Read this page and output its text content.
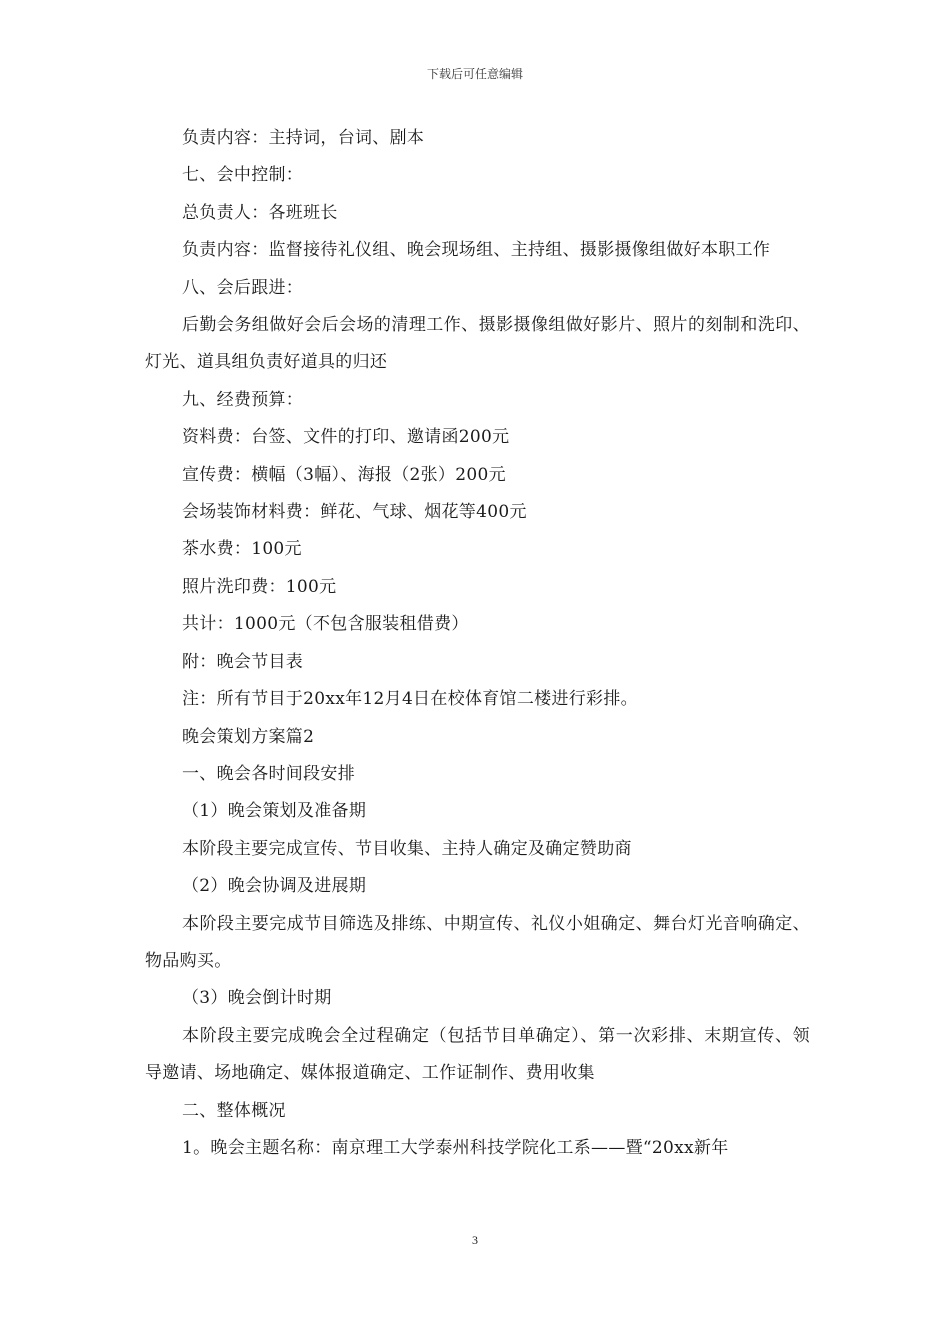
下载后可任意编辑

负责内容：主持词，台词、剧本

七、会中控制：

总负责人：各班班长

负责内容：监督接待礼仪组、晚会现场组、主持组、摄影摄像组做好本职工作

八、会后跟进：

后勤会务组做好会后会场的清理工作、摄影摄像组做好影片、照片的刻制和洗印、灯光、道具组负责好道具的归还

九、经费预算：

资料费：台签、文件的打印、邀请函200元

宣传费：横幅（3幅）、海报（2张）200元

会场装饰材料费：鲜花、气球、烟花等400元

茶水费：100元

照片洗印费：100元

共计：1000元（不包含服装租借费）

附：晚会节目表

注：所有节目于20xx年12月4日在校体育馆二楼进行彩排。

晚会策划方案篇2

一、晚会各时间段安排

（1）晚会策划及准备期

本阶段主要完成宣传、节目收集、主持人确定及确定赞助商

（2）晚会协调及进展期

本阶段主要完成节目筛选及排练、中期宣传、礼仪小姐确定、舞台灯光音响确定、物品购买。

（3）晚会倒计时期

本阶段主要完成晚会全过程确定（包括节目单确定）、第一次彩排、末期宣传、领导邀请、场地确定、媒体报道确定、工作证制作、费用收集

二、整体概况

1。晚会主题名称：南京理工大学泰州科技学院化工系——暨“20xx新年

3
